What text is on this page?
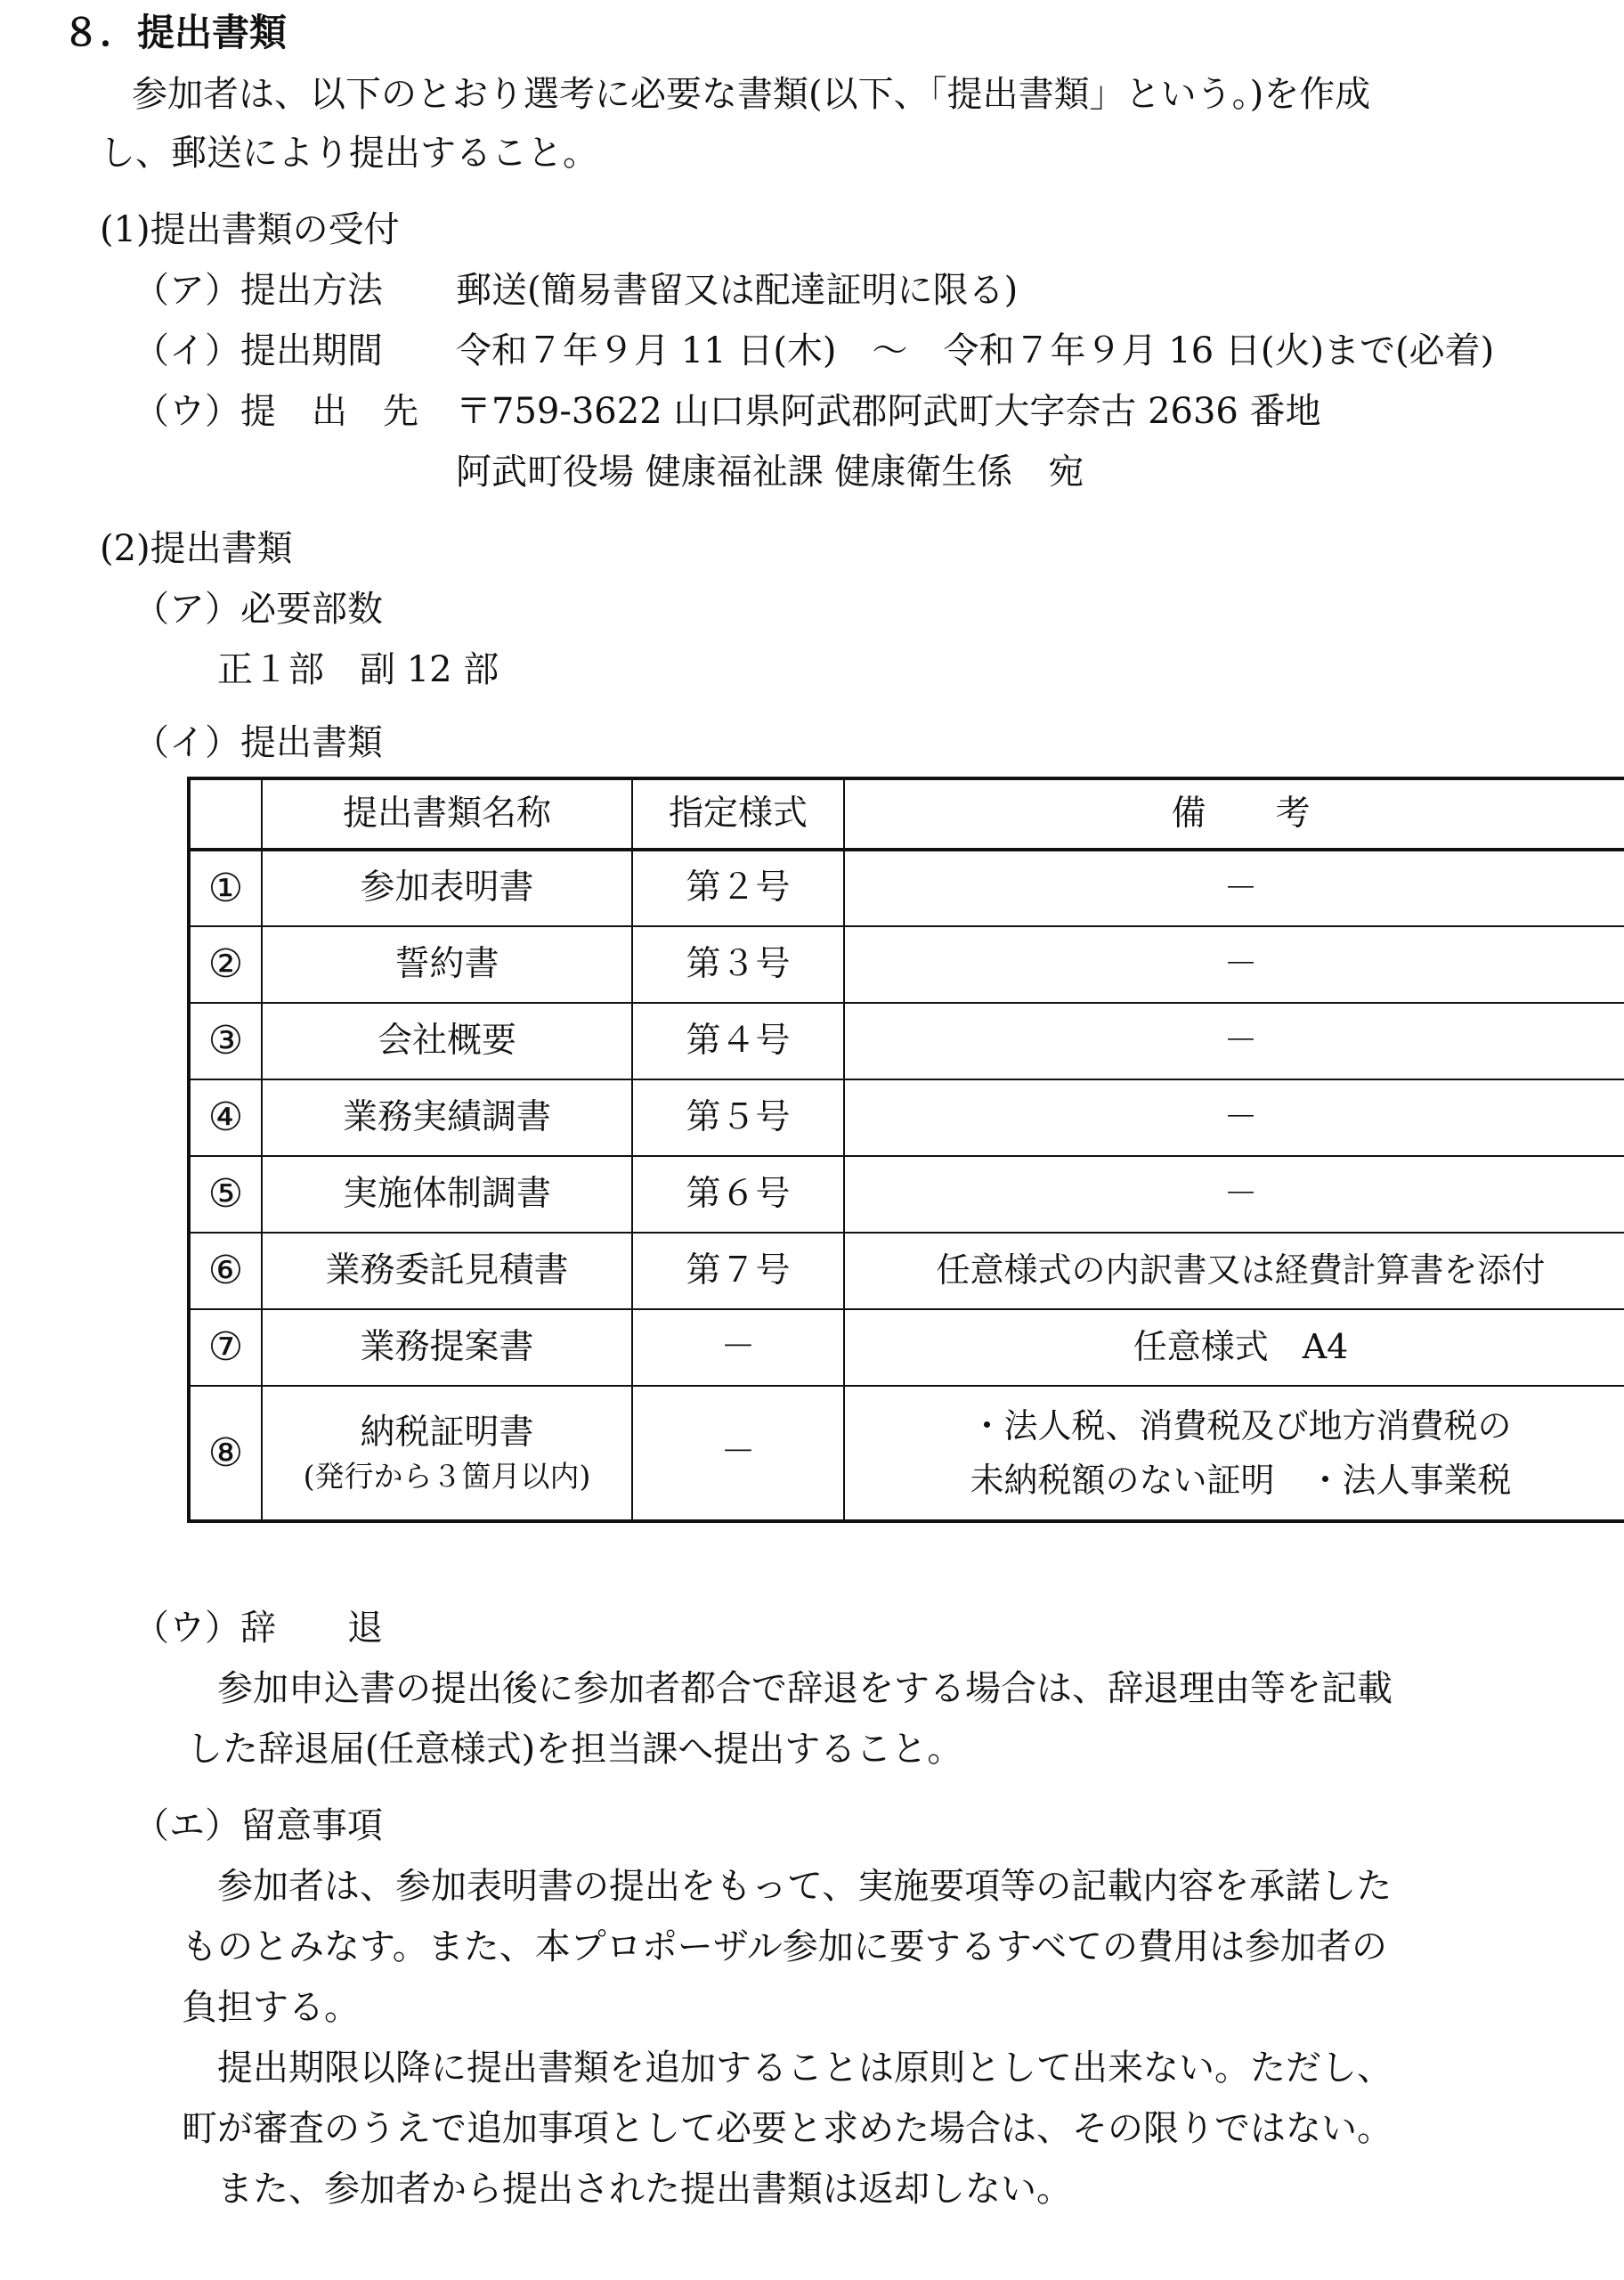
８．提出書類
参加者は、以下のとおり選考に必要な書類(以下、「提出書類」という。)を作成
し、郵送により提出すること。
(1)提出書類の受付
（ア）提出方法 郵送(簡易書留又は配達証明に限る)
（イ）提出期間 令和７年９月 11 日(木)　～　令和７年９月 16 日(火)まで(必着)
（ウ）提　出　先 〒759-3622 山口県阿武郡阿武町大字奈古 2636 番地
阿武町役場 健康福祉課 健康衛生係　宛
(2)提出書類
（ア）必要部数
正１部　副 12 部
（イ）提出書類
	提出書類名称	指定様式	備　　考
①	参加表明書	第２号	－
②	誓約書	第３号	－
③	会社概要	第４号	－
④	業務実績調書	第５号	－
⑤	実施体制調書	第６号	－
⑥	業務委託見積書	第７号	任意様式の内訳書又は経費計算書を添付
⑦	業務提案書	－	任意様式　A4
⑧	納税証明書
(発行から３箇月以内)	－	・法人税、消費税及び地方消費税の
未納税額のない証明　・法人事業税
（ウ）辞　　退
参加申込書の提出後に参加者都合で辞退をする場合は、辞退理由等を記載
した辞退届(任意様式)を担当課へ提出すること。
（エ）留意事項
参加者は、参加表明書の提出をもって、実施要項等の記載内容を承諾した
ものとみなす。また、本プロポーザル参加に要するすべての費用は参加者の
負担する。
提出期限以降に提出書類を追加することは原則として出来ない。ただし、
町が審査のうえで追加事項として必要と求めた場合は、その限りではない。
また、参加者から提出された提出書類は返却しない。
